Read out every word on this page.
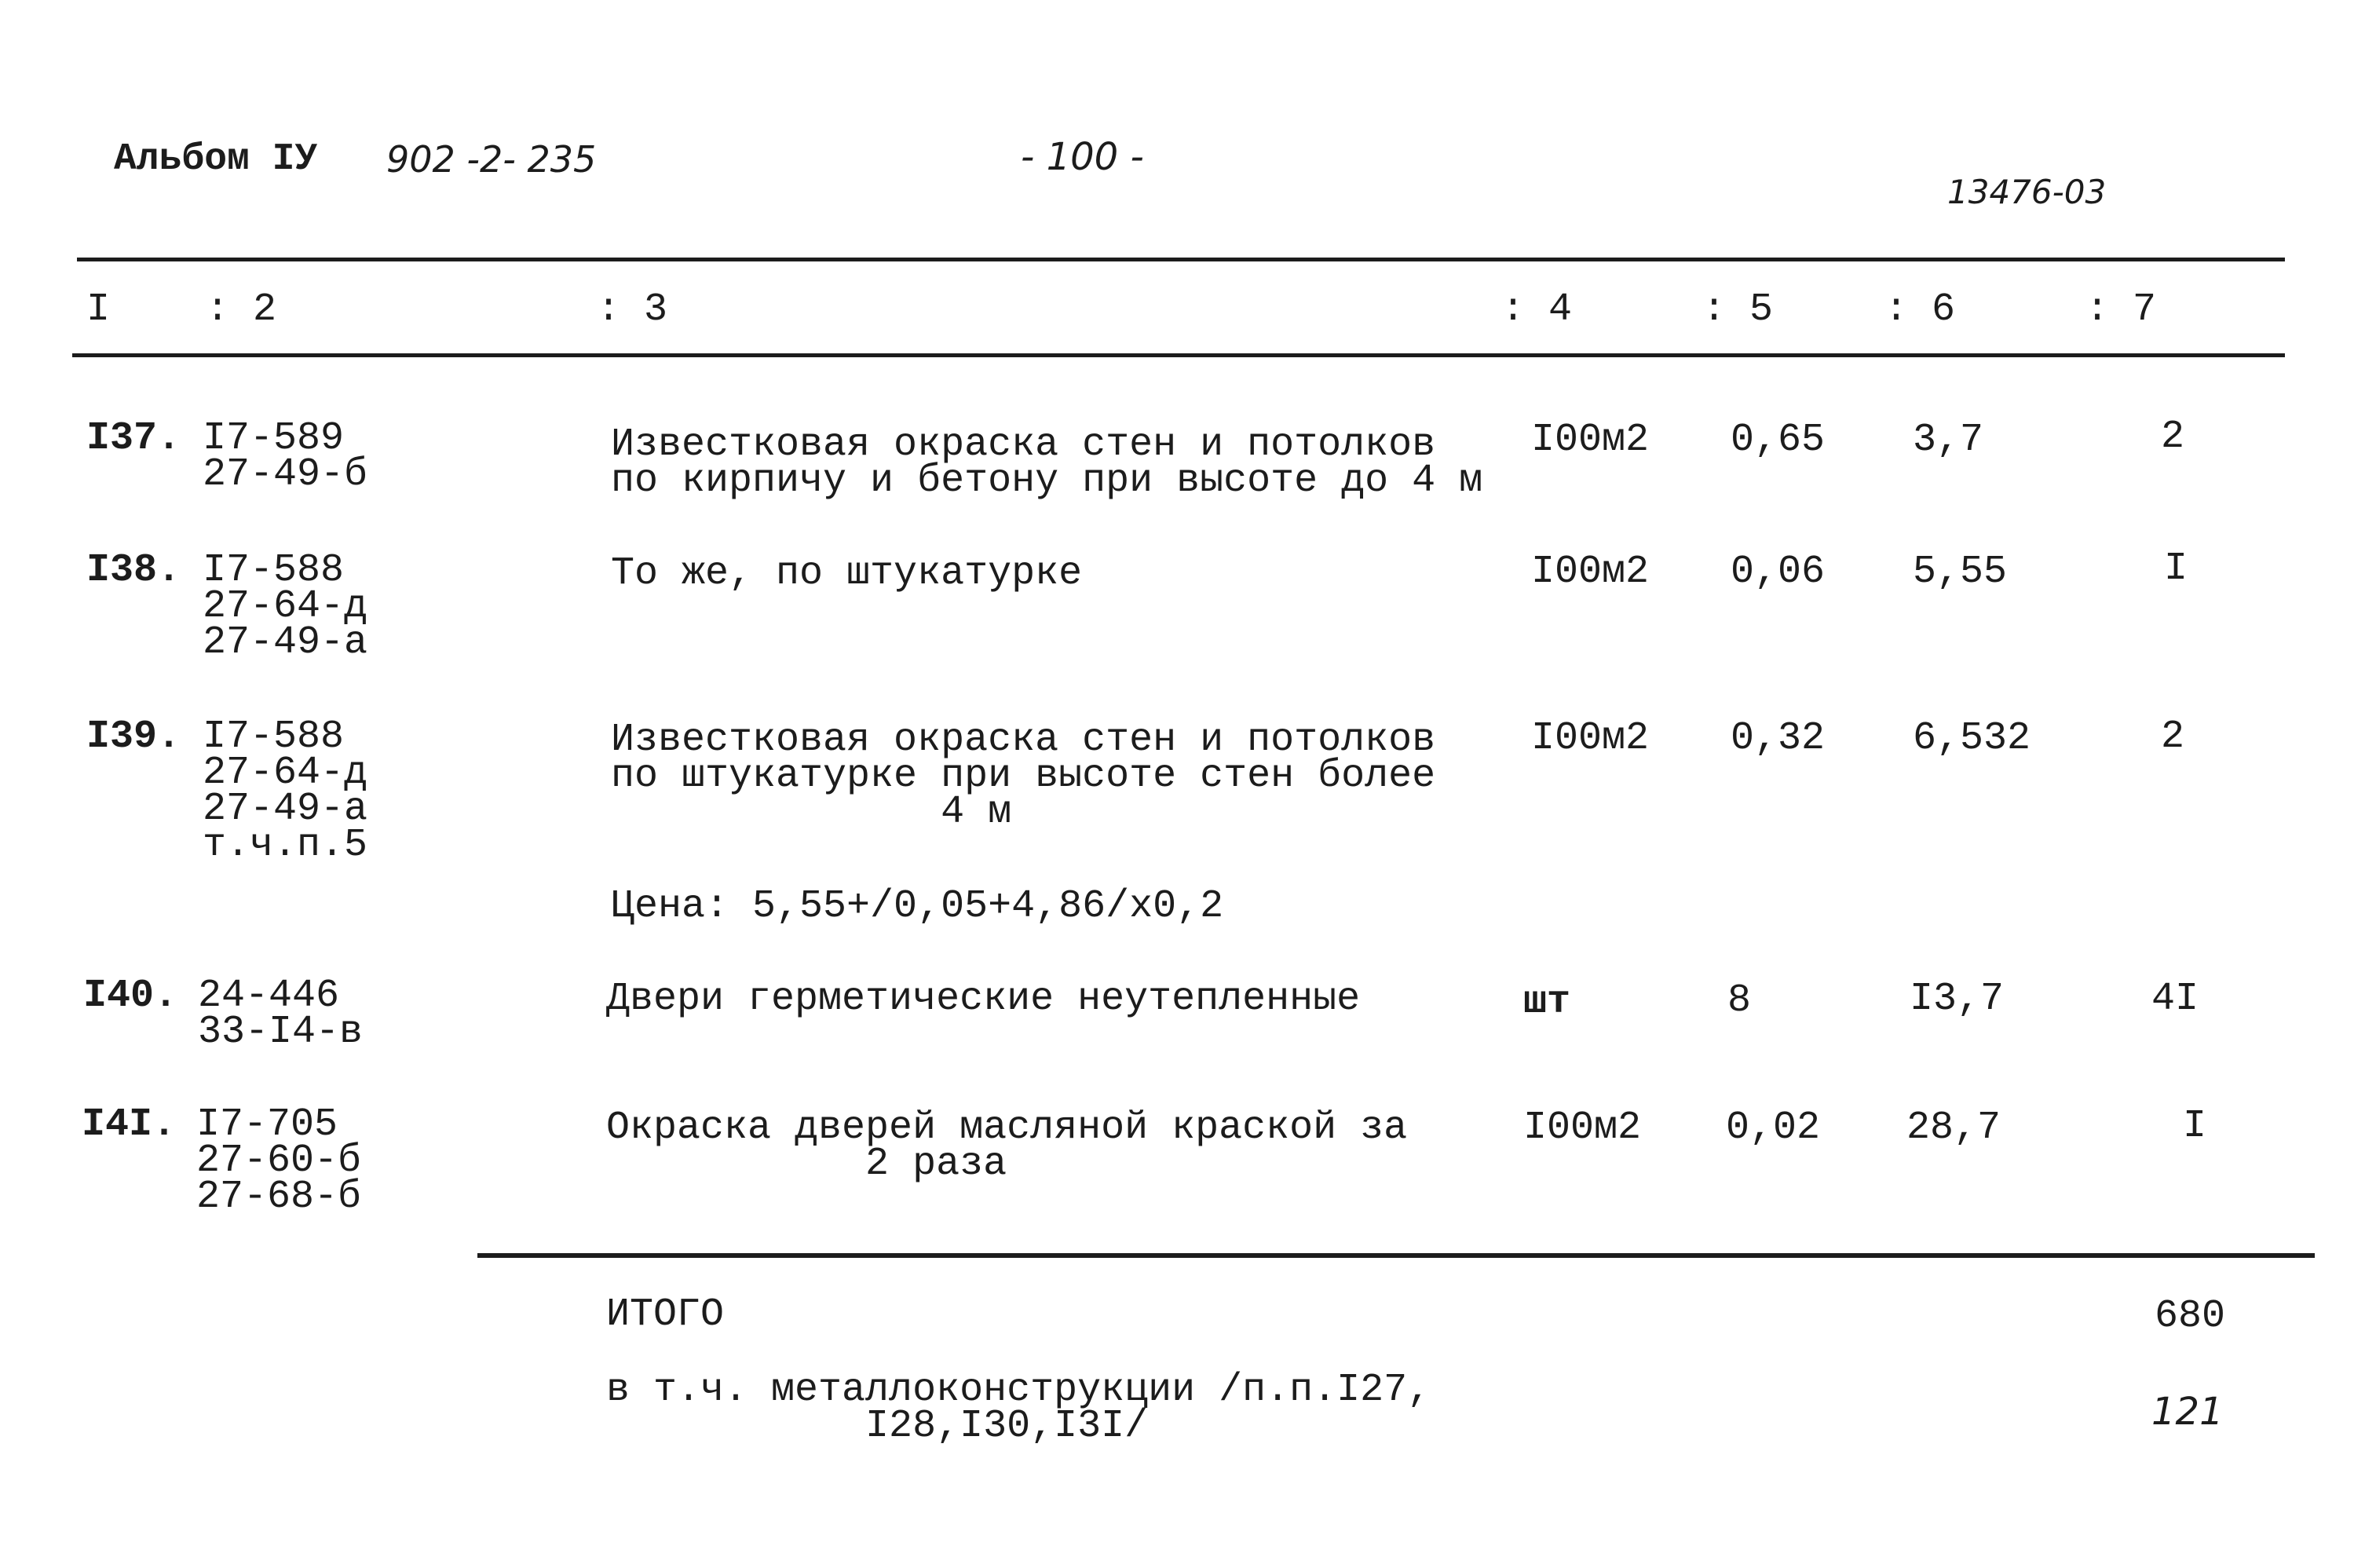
Альбом IУ 902 -2- 235	- 100 -
13476-03
I : 2	: 3	: 4	: 5	: 6	: 7
I37. I7-589
27-49-б
Известковая окраска стен и потолков
по кирпичу и бетону при высоте до 4 м
I00м2 0,65 3,7	2
I38. I7-588
27-64-д
27-49-а
То же, по штукатурке	I00м2 0,06 5,55	I
I39. I7-588
27-64-д
27-49-а
т.ч.п.5
Известковая окраска стен и потолков
по штукатурке при высоте стен более
4 м
I00м2 0,32 6,532	2
Цена: 5,55+/0,05+4,86/х0,2
I40. 24-446
33-I4-в
Двери герметические неутепленные	шт	8	I3,7	4I
I4I. I7-705
27-60-б
27-68-б
Окраска дверей масляной краской за
2 раза
I00м2 0,02 28,7	I
ИТОГО	680
в т.ч. металлоконструкции /п.п.I27,
I28,I30,I3I/	121
